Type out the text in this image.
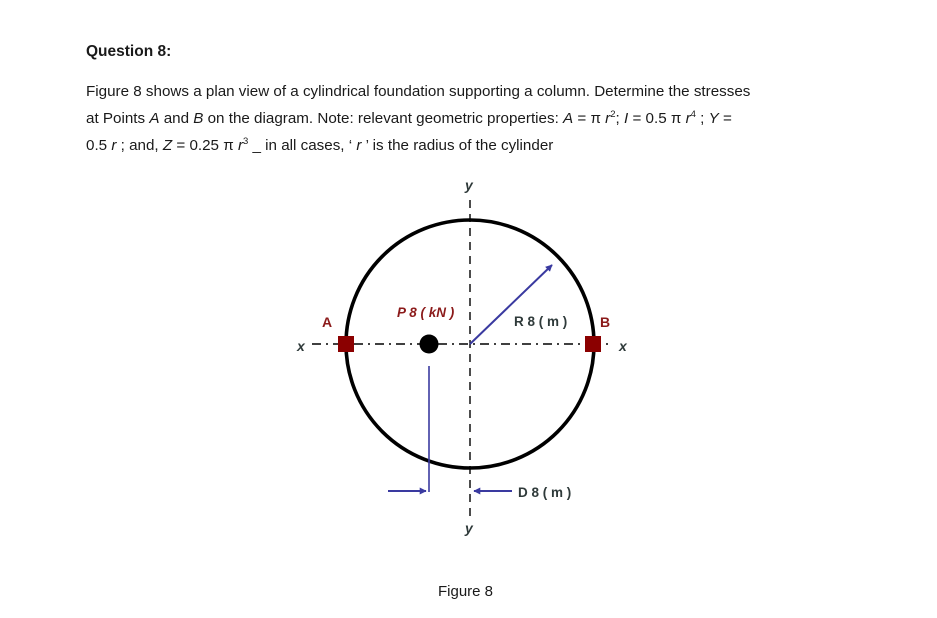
Question 8:
Figure 8 shows a plan view of a cylindrical foundation supporting a column. Determine the stresses
at Points A and B on the diagram. Note: relevant geometric properties: A = π $r^2$; I = 0.5 π $r^4$ ; Y =
0.5 r ; and, Z = 0.25 π $r^3$ _ in all cases, ‘ r ’ is the radius of the cylinder
y
y
x	x
A	B
P 8 ( kN )
R 8 ( m )
D 8 ( m )
Figure 8
